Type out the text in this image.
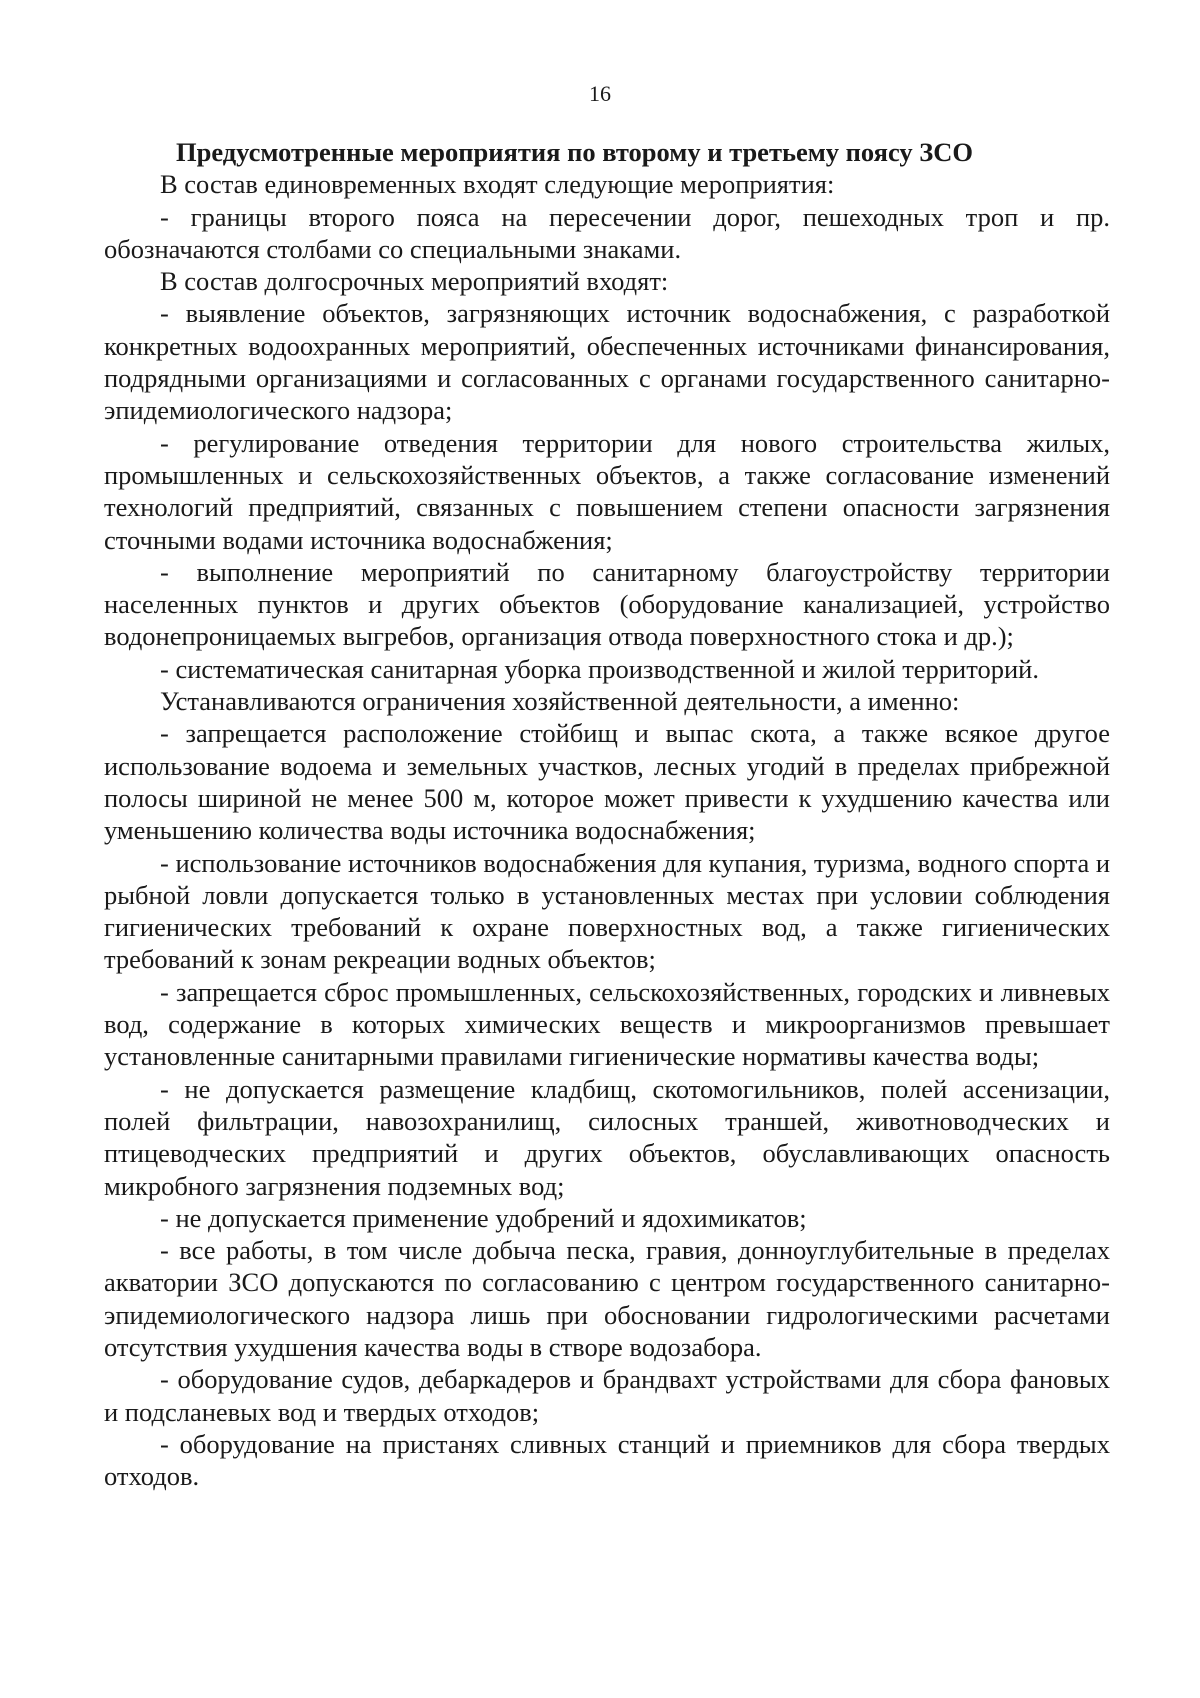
16
Предусмотренные мероприятия по второму и третьему поясу ЗСО

В состав единовременных входят следующие мероприятия:

- границы второго пояса на пересечении дорог, пешеходных троп и пр. обозначаются столбами со специальными знаками.

В состав долгосрочных мероприятий входят:

- выявление объектов, загрязняющих источник водоснабжения, с разработкой конкретных водоохранных мероприятий, обеспеченных источниками финансирования, подрядными организациями и согласованных с органами государственного санитарно-эпидемиологического надзора;

- регулирование отведения территории для нового строительства жилых, промышленных и сельскохозяйственных объектов, а также согласование изменений технологий предприятий, связанных с повышением степени опасности загрязнения сточными водами источника водоснабжения;

- выполнение мероприятий по санитарному благоустройству территории населенных пунктов и других объектов (оборудование канализацией, устройство водонепроницаемых выгребов, организация отвода поверхностного стока и др.);

- систематическая санитарная уборка производственной и жилой территорий.

Устанавливаются ограничения хозяйственной деятельности, а именно:

- запрещается расположение стойбищ и выпас скота, а также всякое другое использование водоема и земельных участков, лесных угодий в пределах прибрежной полосы шириной не менее 500 м, которое может привести к ухудшению качества или уменьшению количества воды источника водоснабжения;

- использование источников водоснабжения для купания, туризма, водного спорта и рыбной ловли допускается только в установленных местах при условии соблюдения гигиенических требований к охране поверхностных вод, а также гигиенических требований к зонам рекреации водных объектов;

- запрещается сброс промышленных, сельскохозяйственных, городских и ливневых вод, содержание в которых химических веществ и микроорганизмов превышает установленные санитарными правилами гигиенические нормативы качества воды;

- не допускается размещение кладбищ, скотомогильников, полей ассенизации, полей фильтрации, навозохранилищ, силосных траншей, животноводческих и птицеводческих предприятий и других объектов, обуславливающих опасность микробного загрязнения подземных вод;

- не допускается применение удобрений и ядохимикатов;

- все работы, в том числе добыча песка, гравия, донноуглубительные в пределах акватории ЗСО допускаются по согласованию с центром государственного санитарно-эпидемиологического надзора лишь при обосновании гидрологическими расчетами отсутствия ухудшения качества воды в створе водозабора.

- оборудование судов, дебаркадеров и брандвахт устройствами для сбора фановых и подсланевых вод и твердых отходов;

- оборудование на пристанях сливных станций и приемников для сбора твердых отходов.
